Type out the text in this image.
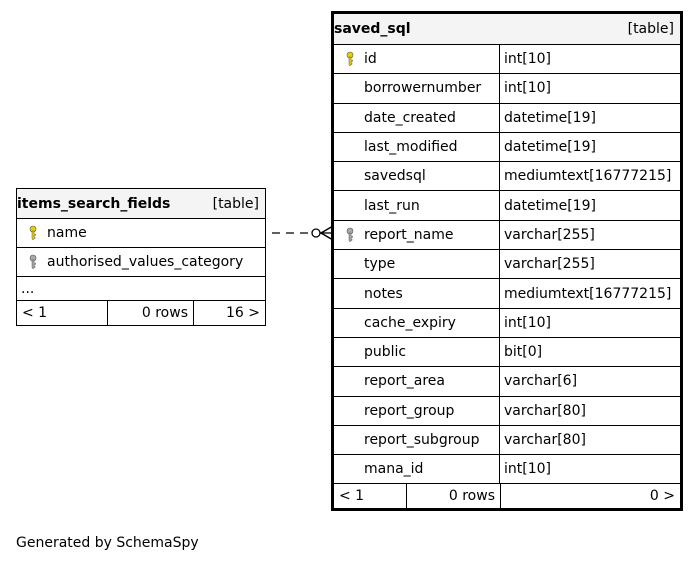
items_search_fields	[table]
name
authorised_values_category
...
< 1	0 rows	16 >
saved_sql	[table]
id	int[10]
borrowernumber int[10]
date_created	datetime[19]
last_modified	datetime[19]
savedsql	mediumtext[16777215]
last_run	datetime[19]
report_name	varchar[255]
type	varchar[255]
notes	mediumtext[16777215]
cache_expiry	int[10]
public	bit[0]
report_area	varchar[6]
report_group	varchar[80]
report_subgroup varchar[80]
mana_id	int[10]
< 1	0 rows	0 >
Generated by SchemaSpy
